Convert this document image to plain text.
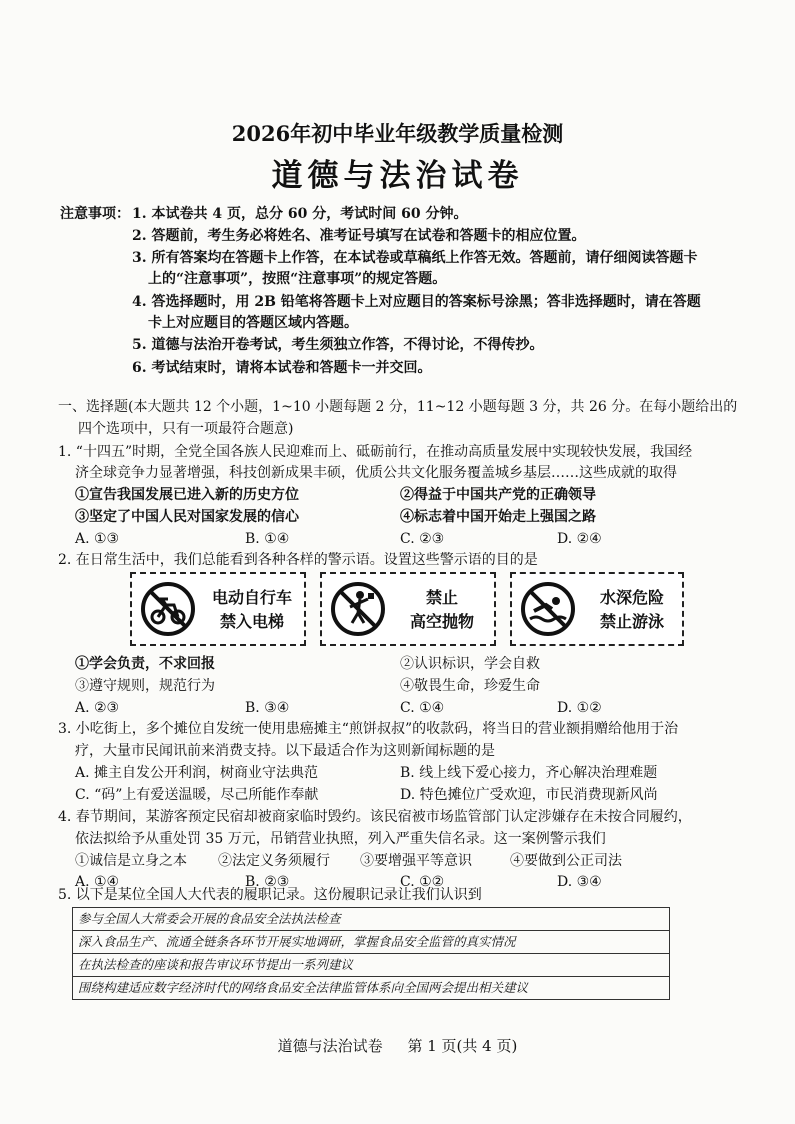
2026年初中毕业年级教学质量检测
道德与法治试卷
注意事项： 1. 本试卷共 4 页，总分 60 分，考试时间 60 分钟。
2. 答题前，考生务必将姓名、准考证号填写在试卷和答题卡的相应位置。
3. 所有答案均在答题卡上作答，在本试卷或草稿纸上作答无效。答题前，请仔细阅读答题卡
上的“注意事项”，按照“注意事项”的规定答题。
4. 答选择题时，用 2B 铅笔将答题卡上对应题目的答案标号涂黑；答非选择题时，请在答题
卡上对应题目的答题区域内答题。
5. 道德与法治开卷考试，考生须独立作答，不得讨论，不得传抄。
6. 考试结束时，请将本试卷和答题卡一并交回。
一、选择题(本大题共 12 个小题，1~10 小题每题 2 分，11~12 小题每题 3 分，共 26 分。在每小题给出的
四个选项中，只有一项最符合题意)
1. “十四五”时期，全党全国各族人民迎难而上、砥砺前行，在推动高质量发展中实现较快发展，我国经
济全球竞争力显著增强，科技创新成果丰硕，优质公共文化服务覆盖城乡基层……这些成就的取得
①宣告我国发展已进入新的历史方位	②得益于中国共产党的正确领导
③坚定了中国人民对国家发展的信心	④标志着中国开始走上强国之路
A. ①③	B. ①④	C. ②③	D. ②④
2. 在日常生活中，我们总能看到各种各样的警示语。设置这些警示语的目的是
电动自行车
禁入电梯
禁止
高空抛物
水深危险
禁止游泳
①学会负责，不求回报	②认识标识，学会自救
③遵守规则，规范行为	④敬畏生命，珍爱生命
A. ②③	B. ③④	C. ①④	D. ①②
3. 小吃街上，多个摊位自发统一使用患癌摊主“煎饼叔叔”的收款码，将当日的营业额捐赠给他用于治
疗，大量市民闻讯前来消费支持。以下最适合作为这则新闻标题的是
A. 摊主自发公开利润，树商业守法典范	B. 线上线下爱心接力，齐心解决治理难题
C. “码”上有爱送温暖，尽己所能作奉献	D. 特色摊位广受欢迎，市民消费现新风尚
4. 春节期间，某游客预定民宿却被商家临时毁约。该民宿被市场监管部门认定涉嫌存在未按合同履约，
依法拟给予从重处罚 35 万元，吊销营业执照，列入严重失信名录。这一案例警示我们
①诚信是立身之本 ②法定义务须履行 ③要增强平等意识	④要做到公正司法
A. ①④	B. ②③	C. ①②	D. ③④
5. 以下是某位全国人大代表的履职记录。这份履职记录让我们认识到
参与全国人大常委会开展的食品安全法执法检查
深入食品生产、流通全链条各环节开展实地调研，掌握食品安全监管的真实情况
在执法检查的座谈和报告审议环节提出一系列建议
围绕构建适应数字经济时代的网络食品安全法律监管体系向全国两会提出相关建议
道德与法治试卷 第 1 页(共 4 页)
